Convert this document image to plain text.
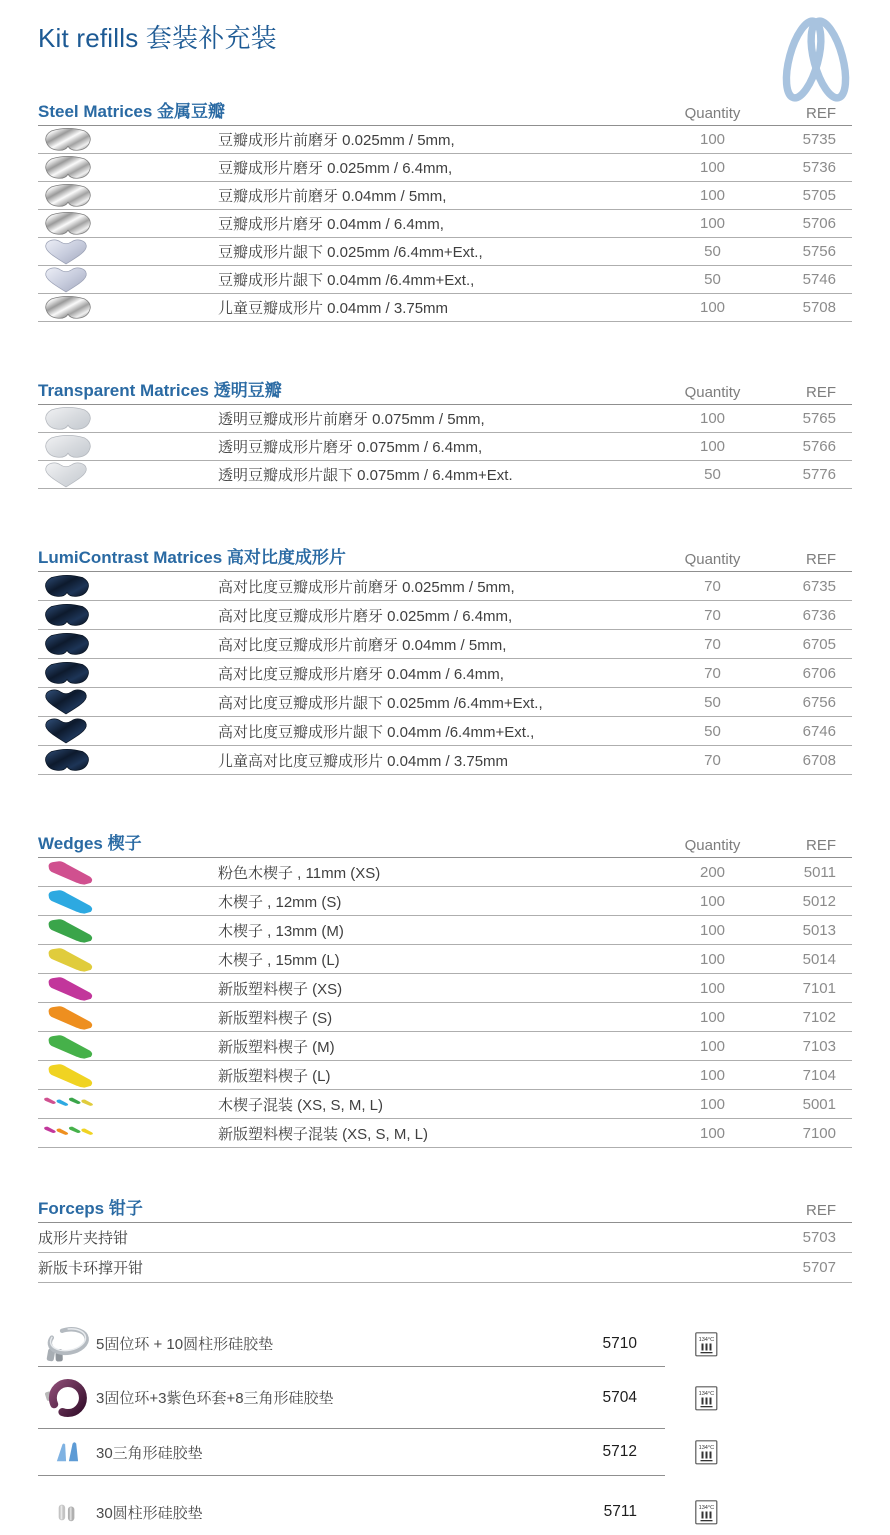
Kit refills 套装补充装
Steel Matrices 金属豆瓣	Quantity	REF
豆瓣成形片前磨牙 0.025mm / 5mm,	100	5735
豆瓣成形片磨牙 0.025mm / 6.4mm,	100	5736
豆瓣成形片前磨牙 0.04mm / 5mm,	100	5705
豆瓣成形片磨牙 0.04mm / 6.4mm,	100	5706
豆瓣成形片龈下 0.025mm /6.4mm+Ext.,	50	5756
豆瓣成形片龈下 0.04mm /6.4mm+Ext.,	50	5746
儿童豆瓣成形片 0.04mm / 3.75mm	100	5708
Transparent Matrices 透明豆瓣	Quantity	REF
透明豆瓣成形片前磨牙 0.075mm / 5mm,	100	5765
透明豆瓣成形片磨牙 0.075mm / 6.4mm,	100	5766
透明豆瓣成形片龈下 0.075mm / 6.4mm+Ext.	50	5776
LumiContrast Matrices 高对比度成形片	Quantity	REF
高对比度豆瓣成形片前磨牙 0.025mm / 5mm,	70	6735
高对比度豆瓣成形片磨牙 0.025mm / 6.4mm,	70	6736
高对比度豆瓣成形片前磨牙 0.04mm / 5mm,	70	6705
高对比度豆瓣成形片磨牙 0.04mm / 6.4mm,	70	6706
高对比度豆瓣成形片龈下 0.025mm /6.4mm+Ext.,	50	6756
高对比度豆瓣成形片龈下 0.04mm /6.4mm+Ext.,	50	6746
儿童高对比度豆瓣成形片 0.04mm / 3.75mm	70	6708
Wedges 楔子	Quantity	REF
粉色木楔子 , 11mm (XS)	200	5011
木楔子 , 12mm (S)	100	5012
木楔子 , 13mm (M)	100	5013
木楔子 , 15mm (L)	100	5014
新版塑料楔子 (XS)	100	7101
新版塑料楔子 (S)	100	7102
新版塑料楔子 (M)	100	7103
新版塑料楔子 (L)	100	7104
木楔子混装 (XS, S, M, L)	100	5001
新版塑料楔子混装 (XS, S, M, L)	100	7100
Forceps 钳子	REF
成形片夹持钳	5703
新版卡环撑开钳	5707
5固位环 + 10圆柱形硅胶垫	5710	134°C
3固位环+3紫色环套+8三角形硅胶垫	5704	134°C
30三角形硅胶垫	5712	134°C
30圆柱形硅胶垫	5711	134°C
